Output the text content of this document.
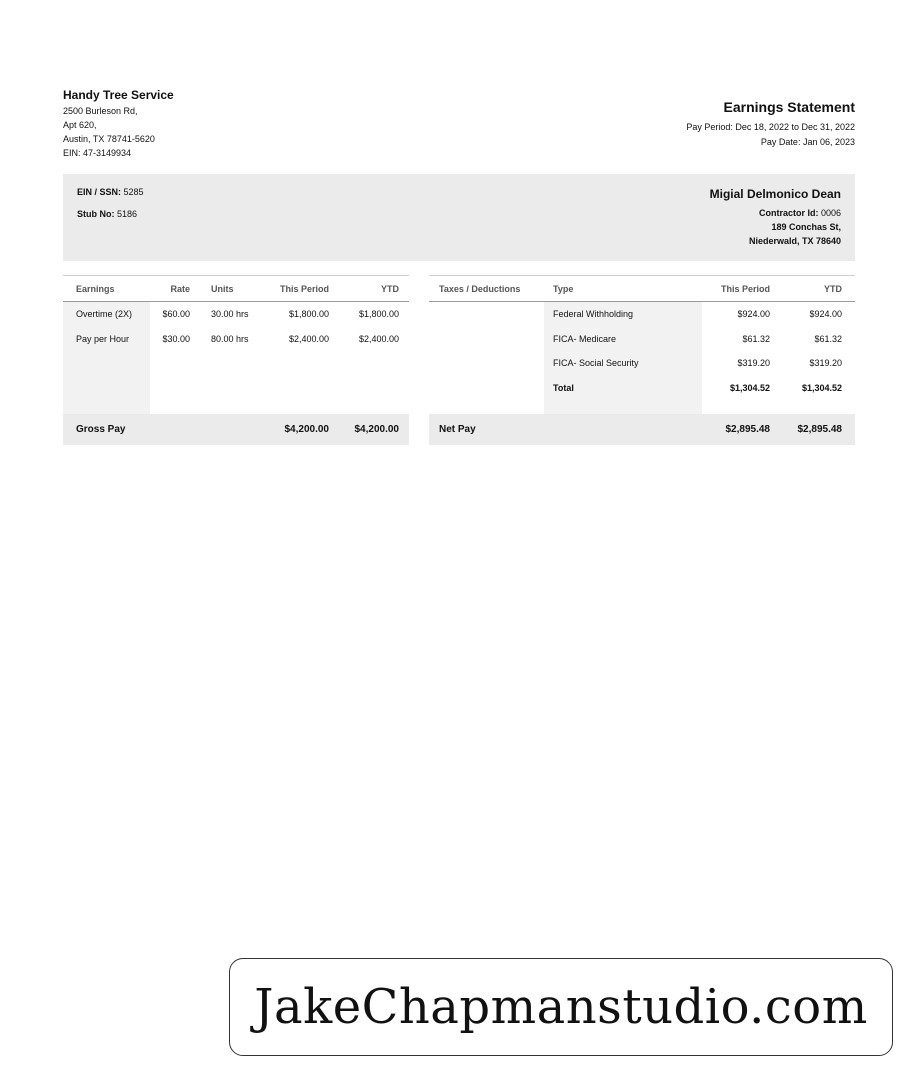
Handy Tree Service
2500 Burleson Rd,
Apt 620,
Austin, TX 78741-5620
EIN: 47-3149934
Earnings Statement
Pay Period: Dec 18, 2022 to Dec 31, 2022
Pay Date: Jan 06, 2023
EIN / SSN: 5285
Stub No: 5186
Migial Delmonico Dean
Contractor Id: 0006
189 Conchas St,
Niederwald, TX 78640
Earnings	Rate	Units	This Period	YTD
Overtime (2X)	$60.00	30.00 hrs	$1,800.00	$1,800.00
Pay per Hour	$30.00	80.00 hrs	$2,400.00	$2,400.00

Gross Pay			$4,200.00	$4,200.00
Taxes / Deductions	Type	This Period	YTD
	Federal Withholding	$924.00	$924.00
	FICA- Medicare	$61.32	$61.32
	FICA- Social Security	$319.20	$319.20
	Total	$1,304.52	$1,304.52

Net Pay		$2,895.48	$2,895.48
JakeChapmanstudio.com
